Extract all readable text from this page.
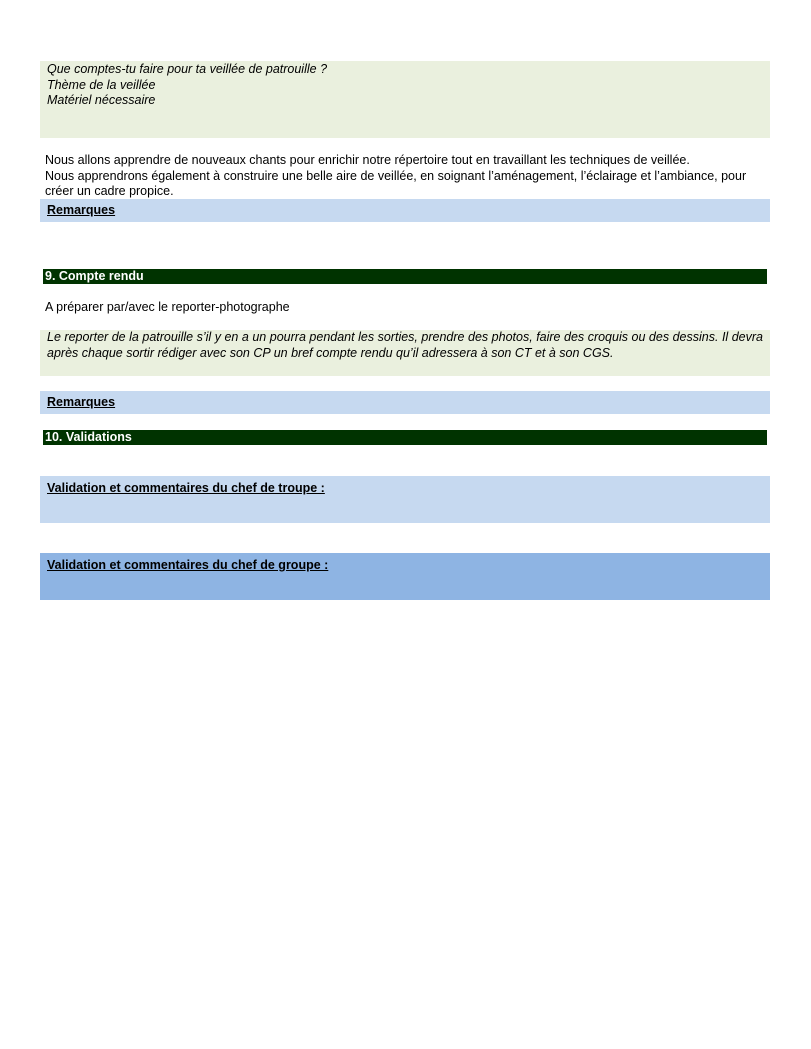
Que comptes-tu faire pour ta veillée de patrouille ?
Thème de la veillée
Matériel nécessaire
Nous allons apprendre de nouveaux chants pour enrichir notre répertoire tout en travaillant les techniques de veillée.
Nous apprendrons également à construire une belle aire de veillée, en soignant l’aménagement, l’éclairage et l’ambiance, pour créer un cadre propice.
Remarques
9. Compte rendu
A préparer par/avec le reporter-photographe
Le reporter de la patrouille s’il y en a un pourra pendant les sorties, prendre des photos, faire des croquis ou des dessins. Il devra après chaque sortir rédiger avec son CP un bref compte rendu qu’il adressera à son CT et à son CGS.
Remarques
10. Validations
Validation et commentaires du chef de troupe :
Validation et commentaires du chef de groupe :
